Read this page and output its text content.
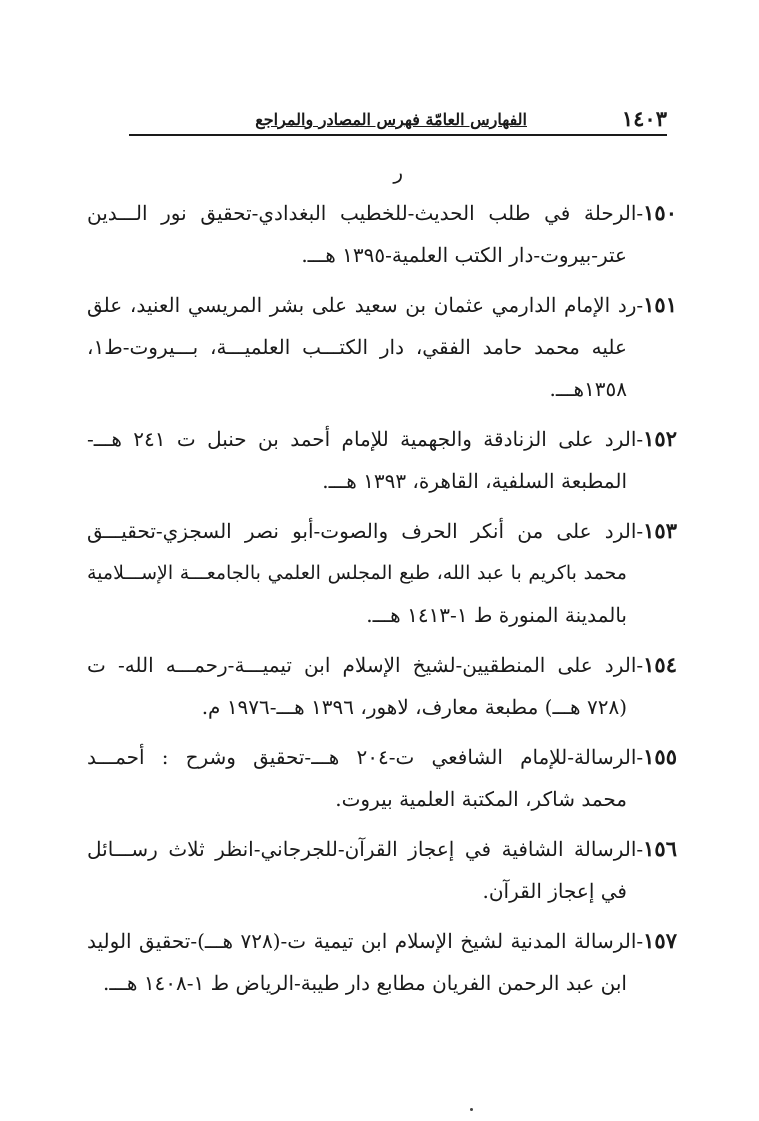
١٤٠٣
الفهارس العامّة فهرس المصادر والمراجع
ر
١٥٠-الرحلة في طلب الحديث-للخطيب البغدادي-تحقيق نور الـــدين
عتر-بيروت-دار الكتب العلمية-١٣٩٥ هـــ.
١٥١-رد الإمام الدارمي عثمان بن سعيد على بشر المريسي العنيد، علق
عليه محمد حامد الفقي، دار الكتـــب العلميـــة، بـــيروت-ط١،
١٣٥٨هـــ.
١٥٢-الرد على الزنادقة والجهمية للإمام أحمد بن حنبل ت ٢٤١ هـــ-
المطبعة السلفية، القاهرة، ١٣٩٣ هـــ.
١٥٣-الرد على من أنكر الحرف والصوت-أبو نصر السجزي-تحقيـــق
محمد باكريم با عبد الله، طبع المجلس العلمي بالجامعـــة الإســـلامية
بالمدينة المنورة ط ١-١٤١٣ هـــ.
١٥٤-الرد على المنطقيين-لشيخ الإسلام ابن تيميـــة-رحمـــه الله- ت
(٧٢٨ هـــ) مطبعة معارف، لاهور، ١٣٩٦ هـــ-١٩٧٦ م.
١٥٥-الرسالة-للإمام الشافعي ت-٢٠٤ هـــ-تحقيق وشرح : أحمـــد
محمد شاكر، المكتبة العلمية بيروت.
١٥٦-الرسالة الشافية في إعجاز القرآن-للجرجاني-انظر ثلاث رســـائل
في إعجاز القرآن.
١٥٧-الرسالة المدنية لشيخ الإسلام ابن تيمية ت-(٧٢٨ هـــ)-تحقيق الوليد
ابن عبد الرحمن الفريان مطابع دار طيبة-الرياض ط ١-١٤٠٨ هـــ.
